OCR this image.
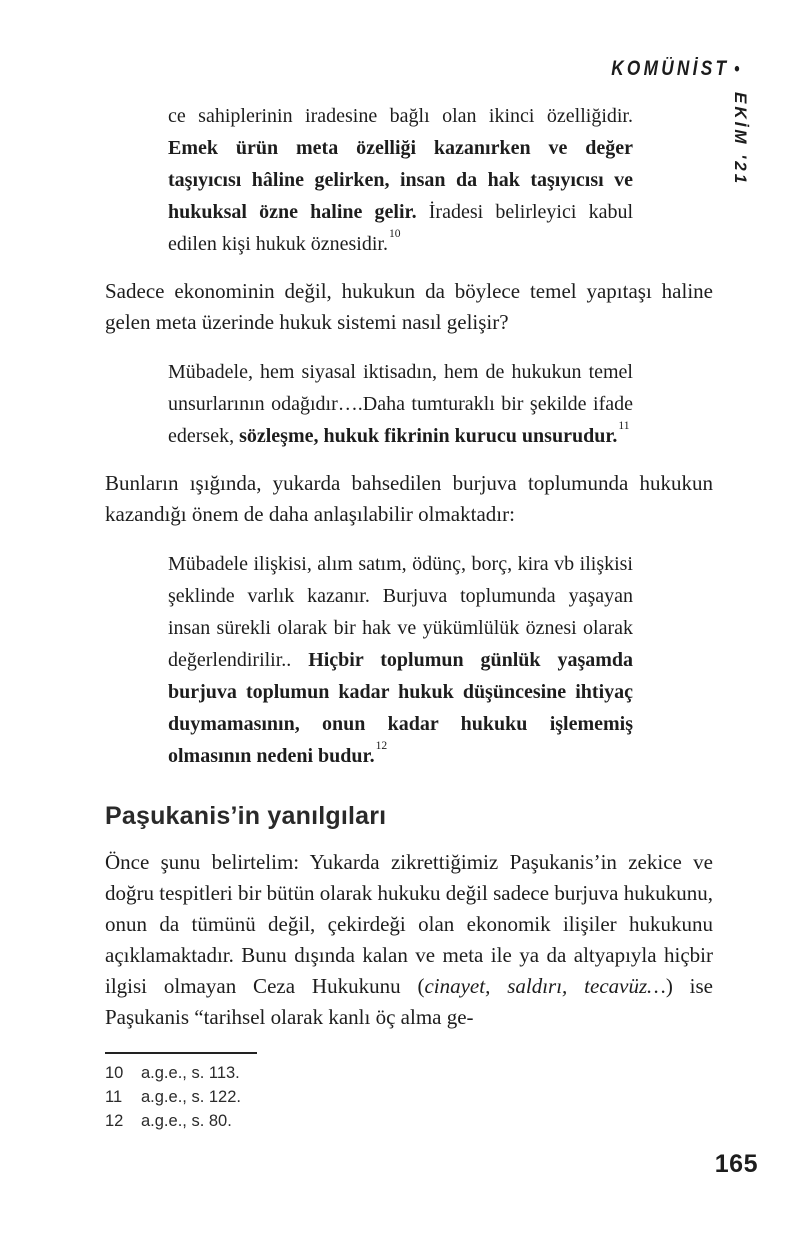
KOMÜNİST •
EKİM '21
ce sahiplerinin iradesine bağlı olan ikinci özelliğidir. Emek ürün meta özelliği kazanırken ve değer taşıyıcısı hâline gelirken, insan da hak taşıyıcısı ve hukuksal özne haline gelir. İradesi belirleyici kabul edilen kişi hukuk öznesidir.$^{10}$
Sadece ekonominin değil, hukukun da böylece temel yapıtaşı haline gelen meta üzerinde hukuk sistemi nasıl gelişir?
Mübadele, hem siyasal iktisadın, hem de hukukun temel unsurlarının odağıdır….Daha tumturaklı bir şekilde ifade edersek, sözleşme, hukuk fikrinin kurucu unsurudur.$^{11}$
Bunların ışığında, yukarda bahsedilen burjuva toplumunda hukukun kazandığı önem de daha anlaşılabilir olmaktadır:
Mübadele ilişkisi, alım satım, ödünç, borç, kira vb ilişkisi şeklinde varlık kazanır. Burjuva toplumunda yaşayan insan sürekli olarak bir hak ve yükümlülük öznesi olarak değerlendirilir.. Hiçbir toplumun günlük yaşamda burjuva toplumun kadar hukuk düşüncesine ihtiyaç duymamasının, onun kadar hukuku işlememiş olmasının nedeni budur.$^{12}$
Paşukanis’in yanılgıları
Önce şunu belirtelim: Yukarda zikrettiğimiz Paşukanis’in zekice ve doğru tespitleri bir bütün olarak hukuku değil sadece burjuva hukukunu, onun da tümünü değil, çekirdeği olan ekonomik ilişiler hukukunu açıklamaktadır. Bunu dışında kalan ve meta ile ya da altyapıyla hiçbir ilgisi olmayan Ceza Hukukunu (cinayet, saldırı, tecavüz…) ise Paşukanis “tarihsel olarak kanlı öç alma ge-
10	a.g.e., s. 113.
11	a.g.e., s. 122.
12	a.g.e., s. 80.
165
